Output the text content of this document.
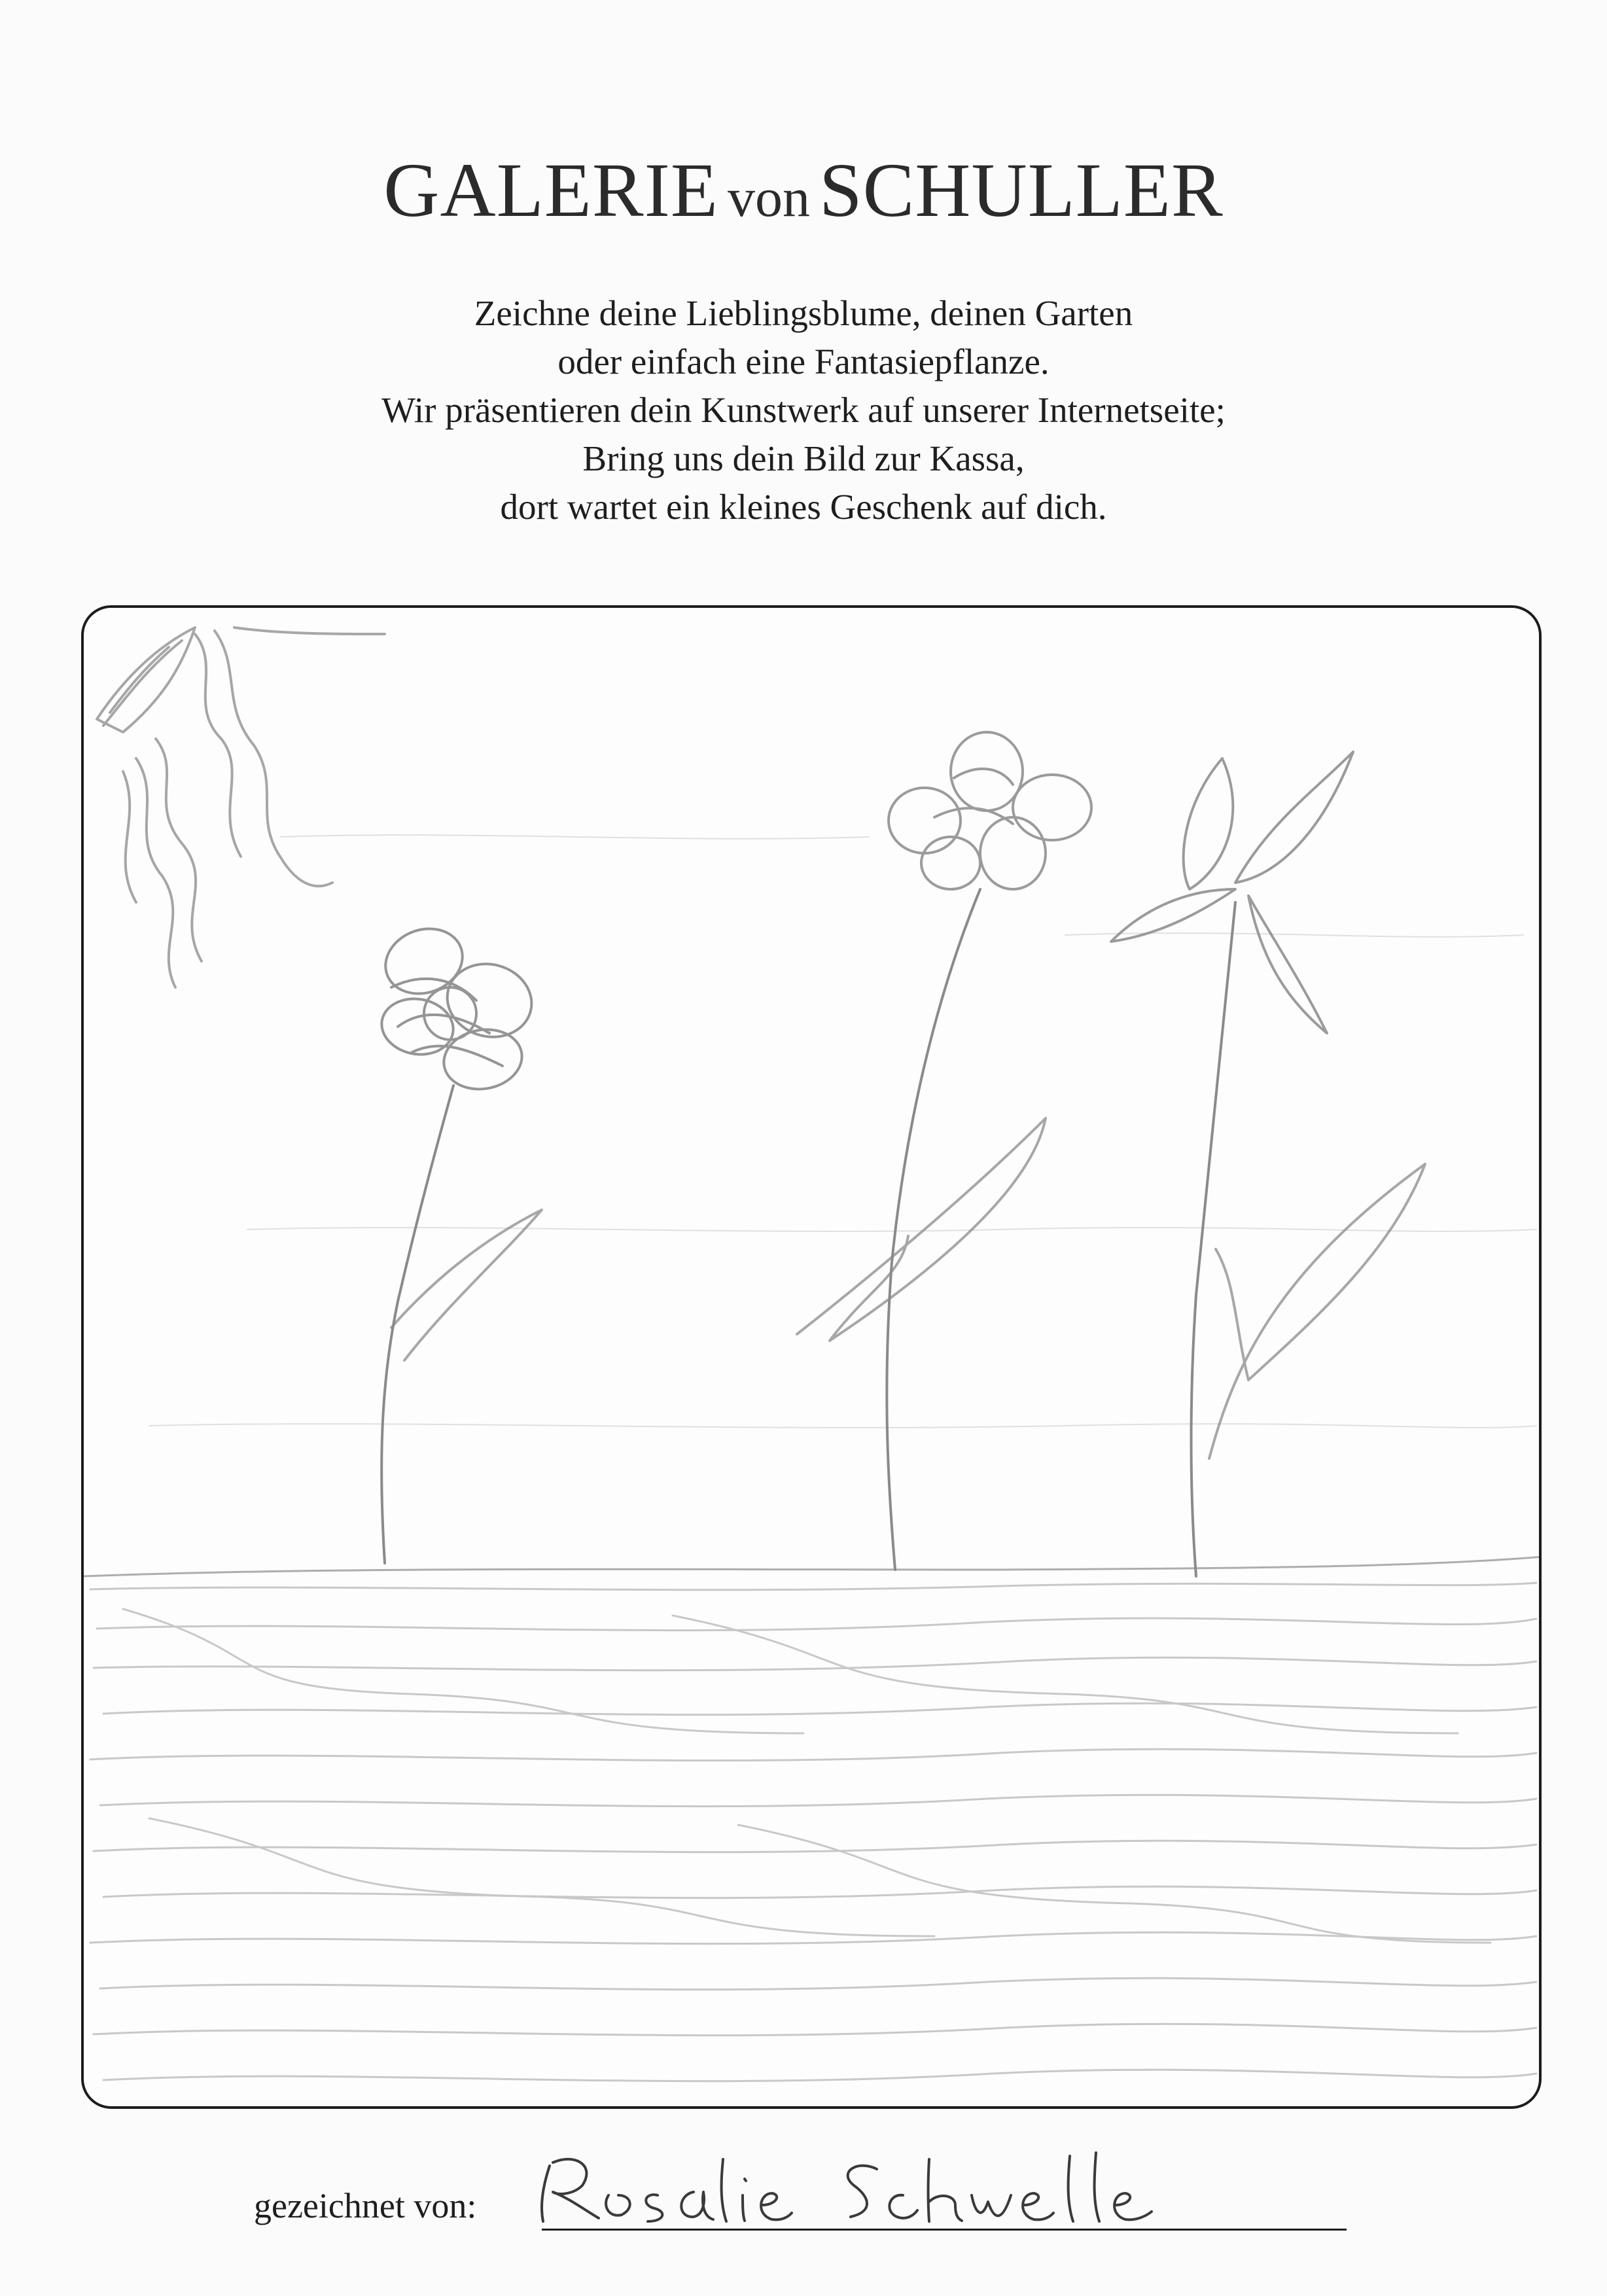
GALERIE von SCHULLER
Zeichne deine Lieblingsblume, deinen Garten
oder einfach eine Fantasiepflanze.
Wir präsentieren dein Kunstwerk auf unserer Internetseite;
Bring uns dein Bild zur Kassa,
dort wartet ein kleines Geschenk auf dich.
gezeichnet von:
